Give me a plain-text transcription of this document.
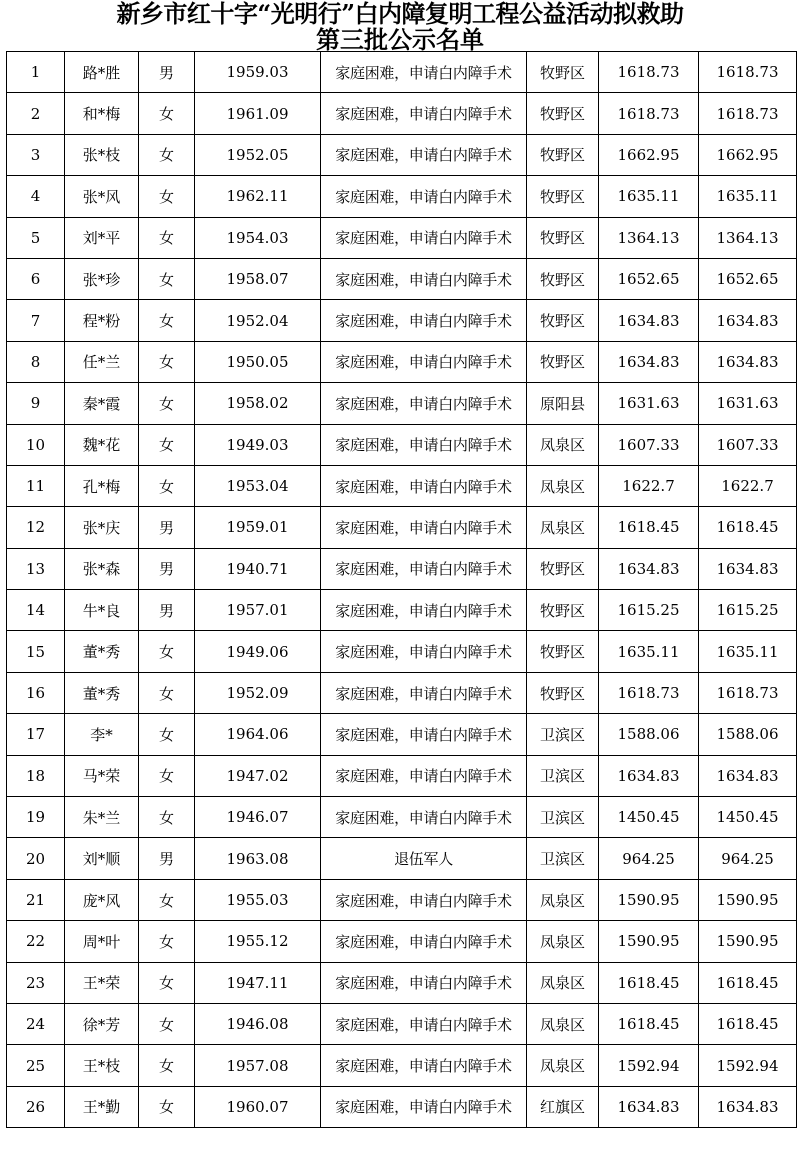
新乡市红十字“光明行”白内障复明工程公益活动拟救助
第三批公示名单
1	路*胜	男	1959.03	家庭困难，申请白内障手术	牧野区	1618.73	1618.73
2	和*梅	女	1961.09	家庭困难，申请白内障手术	牧野区	1618.73	1618.73
3	张*枝	女	1952.05	家庭困难，申请白内障手术	牧野区	1662.95	1662.95
4	张*风	女	1962.11	家庭困难，申请白内障手术	牧野区	1635.11	1635.11
5	刘*平	女	1954.03	家庭困难，申请白内障手术	牧野区	1364.13	1364.13
6	张*珍	女	1958.07	家庭困难，申请白内障手术	牧野区	1652.65	1652.65
7	程*粉	女	1952.04	家庭困难，申请白内障手术	牧野区	1634.83	1634.83
8	任*兰	女	1950.05	家庭困难，申请白内障手术	牧野区	1634.83	1634.83
9	秦*霞	女	1958.02	家庭困难，申请白内障手术	原阳县	1631.63	1631.63
10	魏*花	女	1949.03	家庭困难，申请白内障手术	凤泉区	1607.33	1607.33
11	孔*梅	女	1953.04	家庭困难，申请白内障手术	凤泉区	1622.7	1622.7
12	张*庆	男	1959.01	家庭困难，申请白内障手术	凤泉区	1618.45	1618.45
13	张*森	男	1940.71	家庭困难，申请白内障手术	牧野区	1634.83	1634.83
14	牛*良	男	1957.01	家庭困难，申请白内障手术	牧野区	1615.25	1615.25
15	董*秀	女	1949.06	家庭困难，申请白内障手术	牧野区	1635.11	1635.11
16	董*秀	女	1952.09	家庭困难，申请白内障手术	牧野区	1618.73	1618.73
17	李*	女	1964.06	家庭困难，申请白内障手术	卫滨区	1588.06	1588.06
18	马*荣	女	1947.02	家庭困难，申请白内障手术	卫滨区	1634.83	1634.83
19	朱*兰	女	1946.07	家庭困难，申请白内障手术	卫滨区	1450.45	1450.45
20	刘*顺	男	1963.08	退伍军人	卫滨区	964.25	964.25
21	庞*风	女	1955.03	家庭困难，申请白内障手术	凤泉区	1590.95	1590.95
22	周*叶	女	1955.12	家庭困难，申请白内障手术	凤泉区	1590.95	1590.95
23	王*荣	女	1947.11	家庭困难，申请白内障手术	凤泉区	1618.45	1618.45
24	徐*芳	女	1946.08	家庭困难，申请白内障手术	凤泉区	1618.45	1618.45
25	王*枝	女	1957.08	家庭困难，申请白内障手术	凤泉区	1592.94	1592.94
26	王*勤	女	1960.07	家庭困难，申请白内障手术	红旗区	1634.83	1634.83
